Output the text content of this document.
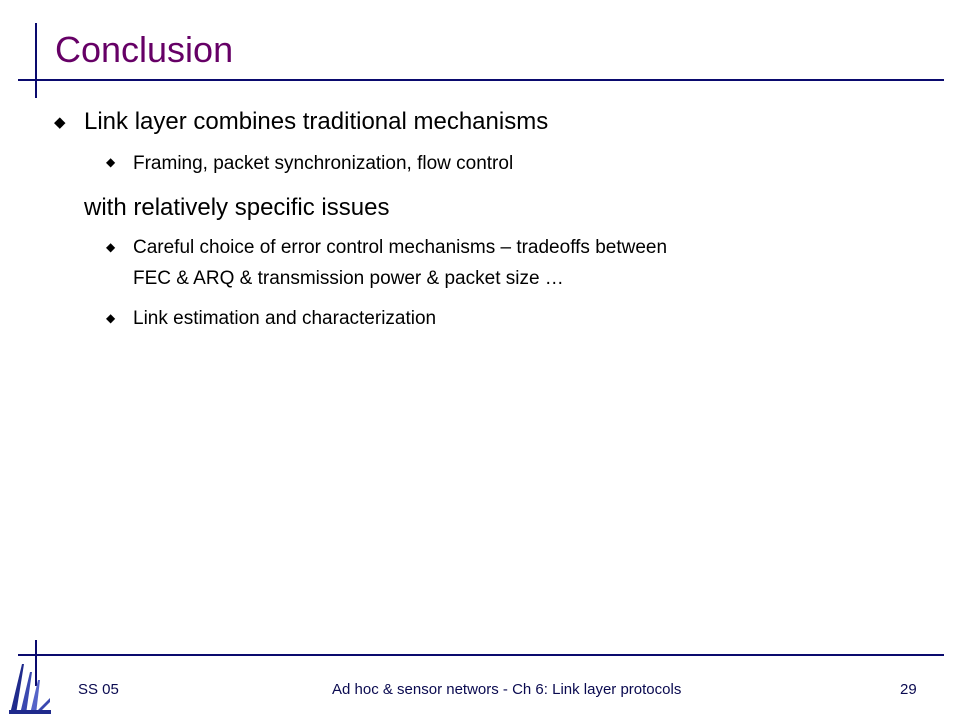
Conclusion
◆ Link layer combines traditional mechanisms

◆ Framing, packet synchronization, flow control

with relatively specific issues

◆ Careful choice of error control mechanisms – tradeoffs between

FEC & ARQ & transmission power & packet size …

◆ Link estimation and characterization

SS 05	Ad hoc & sensor networs - Ch 6: Link layer protocols	29
